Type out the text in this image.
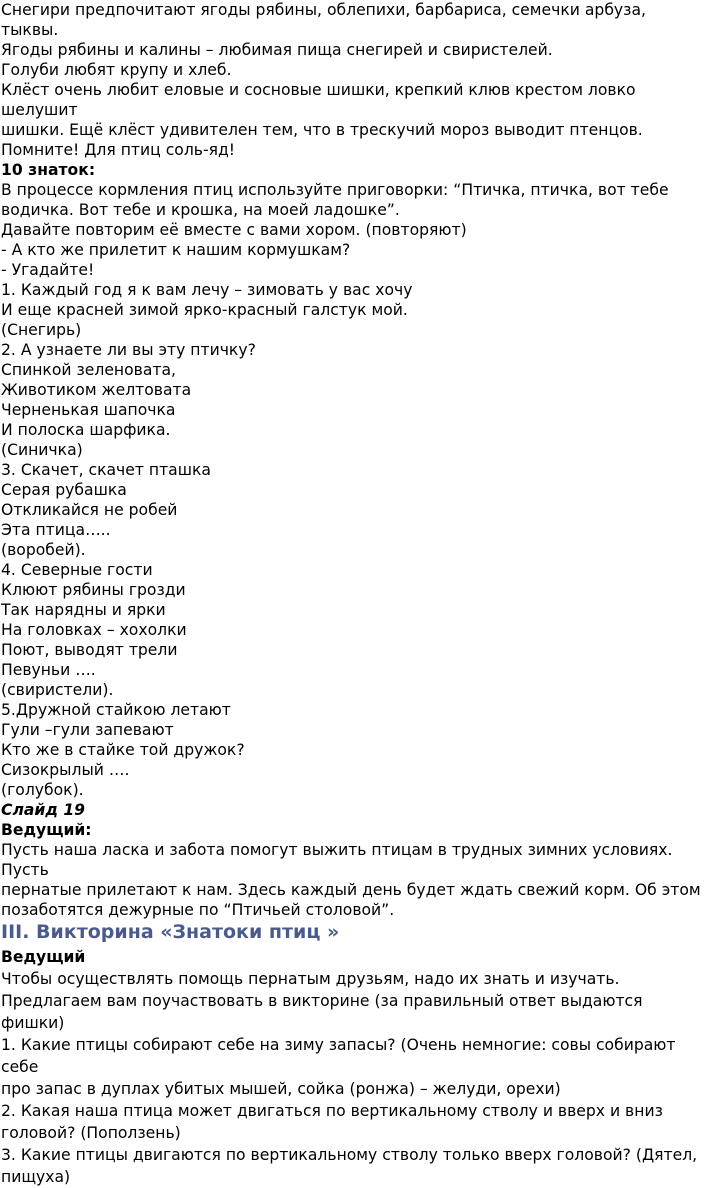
Снегири предпочитают ягоды рябины, облепихи, барбариса, семечки арбуза, тыквы.
Ягоды рябины и калины – любимая пища снегирей и свиристелей.
Голуби любят крупу и хлеб.
Клёст очень любит еловые и сосновые шишки, крепкий клюв крестом ловко шелушит
шишки. Ещё клёст удивителен тем, что в трескучий мороз выводит птенцов.
Помните! Для птиц соль-яд!
10 знаток:
В процессе кормления птиц используйте приговорки: “Птичка, птичка, вот тебе
водичка. Вот тебе и крошка, на моей ладошке”.
Давайте повторим её вместе с вами хором. (повторяют)
- А кто же прилетит к нашим кормушкам?
- Угадайте!
1. Каждый год я к вам лечу – зимовать у вас хочу
И еще красней зимой ярко-красный галстук мой.
(Снегирь)
2. А узнаете ли вы эту птичку?
Спинкой зеленовата,
Животиком желтовата
Черненькая шапочка
И полоска шарфика.
(Синичка)
3. Скачет, скачет пташка
Серая рубашка
Откликайся не робей
Эта птица…..
(воробей).
4. Северные гости
Клюют рябины грозди
Так нарядны и ярки
На головках – хохолки
Поют, выводят трели
Певуньи ….
(свиристели).
5.Дружной стайкою летают
Гули –гули запевают
Кто же в стайке той дружок?
Сизокрылый ….
(голубок).
Слайд 19
Ведущий:
Пусть наша ласка и забота помогут выжить птицам в трудных зимних условиях. Пусть
пернатые прилетают к нам. Здесь каждый день будет ждать свежий корм. Об этом
позаботятся дежурные по “Птичьей столовой”.
III. Викторина «Знатоки птиц »
Ведущий
Чтобы осуществлять помощь пернатым друзьям, надо их знать и изучать.
Предлагаем вам поучаствовать в викторине (за правильный ответ выдаются фишки)
1. Какие птицы собирают себе на зиму запасы? (Очень немногие: совы собирают себе
про запас в дуплах убитых мышей, сойка (ронжа) – желуди, орехи)
2. Какая наша птица может двигаться по вертикальному стволу и вверх и вниз
головой? (Поползень)
3. Какие птицы двигаются по вертикальному стволу только вверх головой? (Дятел,
пищуха)
